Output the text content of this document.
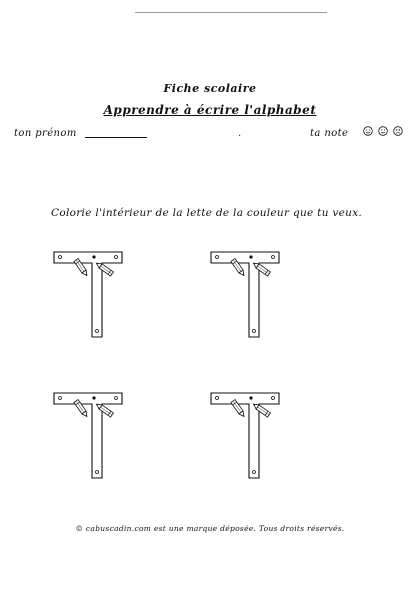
Fiche scolaire
Apprendre à écrire l'alphabet
ton prénom	.	ta note
Colorie l'intérieur de la lette de la couleur que tu veux.
© cabuscadin.com est une marque déposée. Tous droits réservés.
